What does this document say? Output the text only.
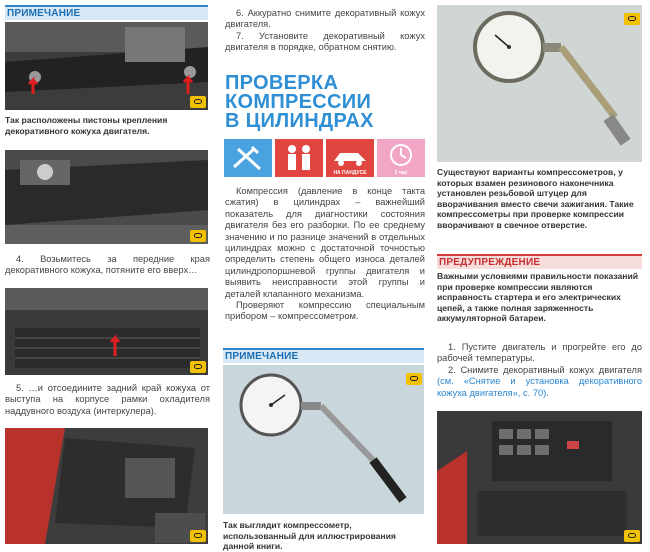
ПРИМЕЧАНИЕ
Так расположены пистоны крепления декоративного кожуха двигателя.
4. Возьмитесь за передние края декоративного кожуха, потяните его вверх…
5. …и отсоедините задний край кожуха от выступа на корпусе рамки охладителя наддувного воздуха (интеркулера).

6. Аккуратно снимите декоративный кожух двигателя.

7. Установите декоративный кожух двигателя в порядке, обратном снятию.

ПРОВЕРКА
КОМПРЕССИИ
В ЦИЛИНДРАХ
НА ПАНДУСЕ	1 час

Компрессия (давление в конце такта сжатия) в цилиндрах – важнейший показатель для диагностики состояния двигателя без его разборки. По ее среднему значению и по разнице значений в отдельных цилиндрах можно с достаточной точностью определить степень общего износа деталей цилиндропоршневой группы двигателя и выявить неисправности этой группы и деталей клапанного механизма.

Проверяют компрессию специальным прибором – компрессометром.

ПРИМЕЧАНИЕ
Так выглядит компрессометр, использованный для иллюстрирования данной книги.
Существуют варианты компрессометров, у которых взамен резинового наконечника установлен резьбовой штуцер для вворачивания вместо свечи зажигания. Такие компрессометры при проверке компрессии вворачивают в свечное отверстие.
ПРЕДУПРЕЖДЕНИЕ
Важными условиями правильности показаний при проверке компрессии являются исправность стартера и его электрических цепей, а также полная заряженность аккумуляторной батареи.

1. Пустите двигатель и прогрейте его до рабочей температуры.

2. Снимите декоративный кожух двигателя (см. «Снятие и установка декоративного кожуха двигателя», с. 70).
